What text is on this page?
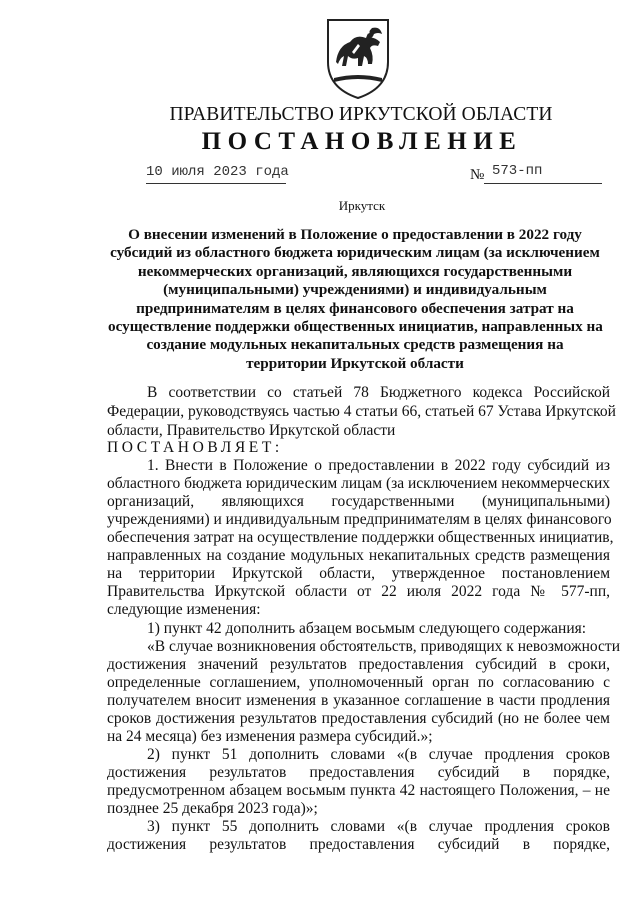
ПРАВИТЕЛЬСТВО ИРКУТСКОЙ ОБЛАСТИ
ПОСТАНОВЛЕНИЕ
10 июля 2023 года	№ 573-пп
Иркутск
О внесении изменений в Положение о предоставлении в 2022 году
субсидий из областного бюджета юридическим лицам (за исключением
некоммерческих организаций, являющихся государственными
(муниципальными) учреждениями) и индивидуальным
предпринимателям в целях финансового обеспечения затрат на
осуществление поддержки общественных инициатив, направленных на
создание модульных некапитальных средств размещения на
территории Иркутской области
В соответствии со статьей 78 Бюджетного кодекса Российской
Федерации, руководствуясь частью 4 статьи 66, статьей 67 Устава Иркутской
области, Правительство Иркутской области
ПОСТАНОВЛЯЕТ:
1. Внести в Положение о предоставлении в 2022 году субсидий из
областного бюджета юридическим лицам (за исключением некоммерческих
организаций, являющихся государственными (муниципальными)
учреждениями) и индивидуальным предпринимателям в целях финансового
обеспечения затрат на осуществление поддержки общественных инициатив,
направленных на создание модульных некапитальных средств размещения
на территории Иркутской области, утвержденное постановлением
Правительства Иркутской области от 22 июля 2022 года № 577-пп,
следующие изменения:
1) пункт 42 дополнить абзацем восьмым следующего содержания:
«В случае возникновения обстоятельств, приводящих к невозможности
достижения значений результатов предоставления субсидий в сроки,
определенные соглашением, уполномоченный орган по согласованию с
получателем вносит изменения в указанное соглашение в части продления
сроков достижения результатов предоставления субсидий (но не более чем
на 24 месяца) без изменения размера субсидий.»;
2) пункт 51 дополнить словами «(в случае продления сроков
достижения результатов предоставления субсидий в порядке,
предусмотренном абзацем восьмым пункта 42 настоящего Положения, – не
позднее 25 декабря 2023 года)»;
3) пункт 55 дополнить словами «(в случае продления сроков
достижения результатов предоставления субсидий в порядке,
